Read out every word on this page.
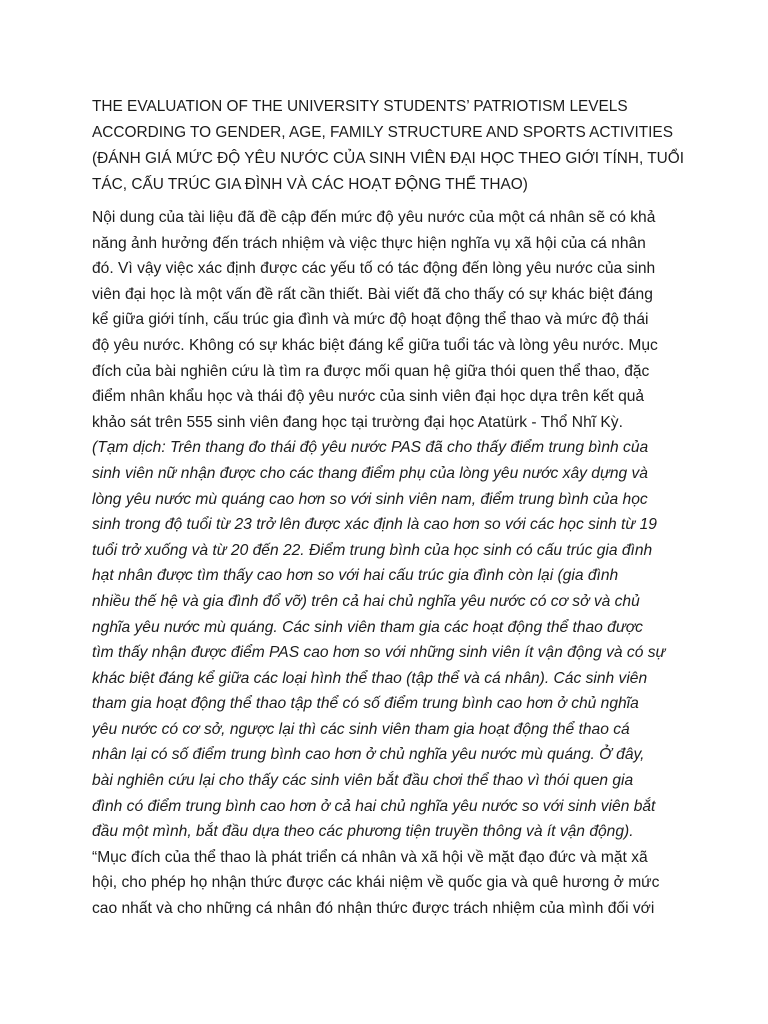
THE EVALUATION OF THE UNIVERSITY STUDENTS’ PATRIOTISM LEVELS
ACCORDING TO GENDER, AGE, FAMILY STRUCTURE AND SPORTS ACTIVITIES
(ĐÁNH GIÁ MỨC ĐỘ YÊU NƯỚC CỦA SINH VIÊN ĐẠI HỌC THEO GIỚI TÍNH, TUỔI
TÁC, CẤU TRÚC GIA ĐÌNH VÀ CÁC HOẠT ĐỘNG THỂ THAO)
Nội dung của tài liệu đã đề cập đến mức độ yêu nước của một cá nhân sẽ có khả
năng ảnh hưởng đến trách nhiệm và việc thực hiện nghĩa vụ xã hội của cá nhân
đó. Vì vậy việc xác định được các yếu tố có tác động đến lòng yêu nước của sinh
viên đại học là một vấn đề rất cần thiết. Bài viết đã cho thấy có sự khác biệt đáng
kể giữa giới tính, cấu trúc gia đình và mức độ hoạt động thể thao và mức độ thái
độ yêu nước. Không có sự khác biệt đáng kể giữa tuổi tác và lòng yêu nước. Mục
đích của bài nghiên cứu là tìm ra được mối quan hệ giữa thói quen thể thao, đặc
điểm nhân khẩu học và thái độ yêu nước của sinh viên đại học dựa trên kết quả
khảo sát trên 555 sinh viên đang học tại trường đại học Atatürk - Thổ Nhĩ Kỳ.
(Tạm dịch: Trên thang đo thái độ yêu nước PAS đã cho thấy điểm trung bình của
sinh viên nữ nhận được cho các thang điểm phụ của lòng yêu nước xây dựng và
lòng yêu nước mù quáng cao hơn so với sinh viên nam, điểm trung bình của học
sinh trong độ tuổi từ 23 trở lên được xác định là cao hơn so với các học sinh từ 19
tuổi trở xuống và từ 20 đến 22. Điểm trung bình của học sinh có cấu trúc gia đình
hạt nhân được tìm thấy cao hơn so với hai cấu trúc gia đình còn lại (gia đình
nhiều thế hệ và gia đình đổ vỡ) trên cả hai chủ nghĩa yêu nước có cơ sở và chủ
nghĩa yêu nước mù quáng. Các sinh viên tham gia các hoạt động thể thao được
tìm thấy nhận được điểm PAS cao hơn so với những sinh viên ít vận động và có sự
khác biệt đáng kể giữa các loại hình thể thao (tập thể và cá nhân). Các sinh viên
tham gia hoạt động thể thao tập thể có số điểm trung bình cao hơn ở chủ nghĩa
yêu nước có cơ sở, ngược lại thì các sinh viên tham gia hoạt động thể thao cá
nhân lại có số điểm trung bình cao hơn ở chủ nghĩa yêu nước mù quáng. Ở đây,
bài nghiên cứu lại cho thấy các sinh viên bắt đầu chơi thể thao vì thói quen gia
đình có điểm trung bình cao hơn ở cả hai chủ nghĩa yêu nước so với sinh viên bắt
đầu một mình, bắt đầu dựa theo các phương tiện truyền thông và ít vận động).
“Mục đích của thể thao là phát triển cá nhân và xã hội về mặt đạo đức và mặt xã
hội, cho phép họ nhận thức được các khái niệm về quốc gia và quê hương ở mức
cao nhất và cho những cá nhân đó nhận thức được trách nhiệm của mình đối với
